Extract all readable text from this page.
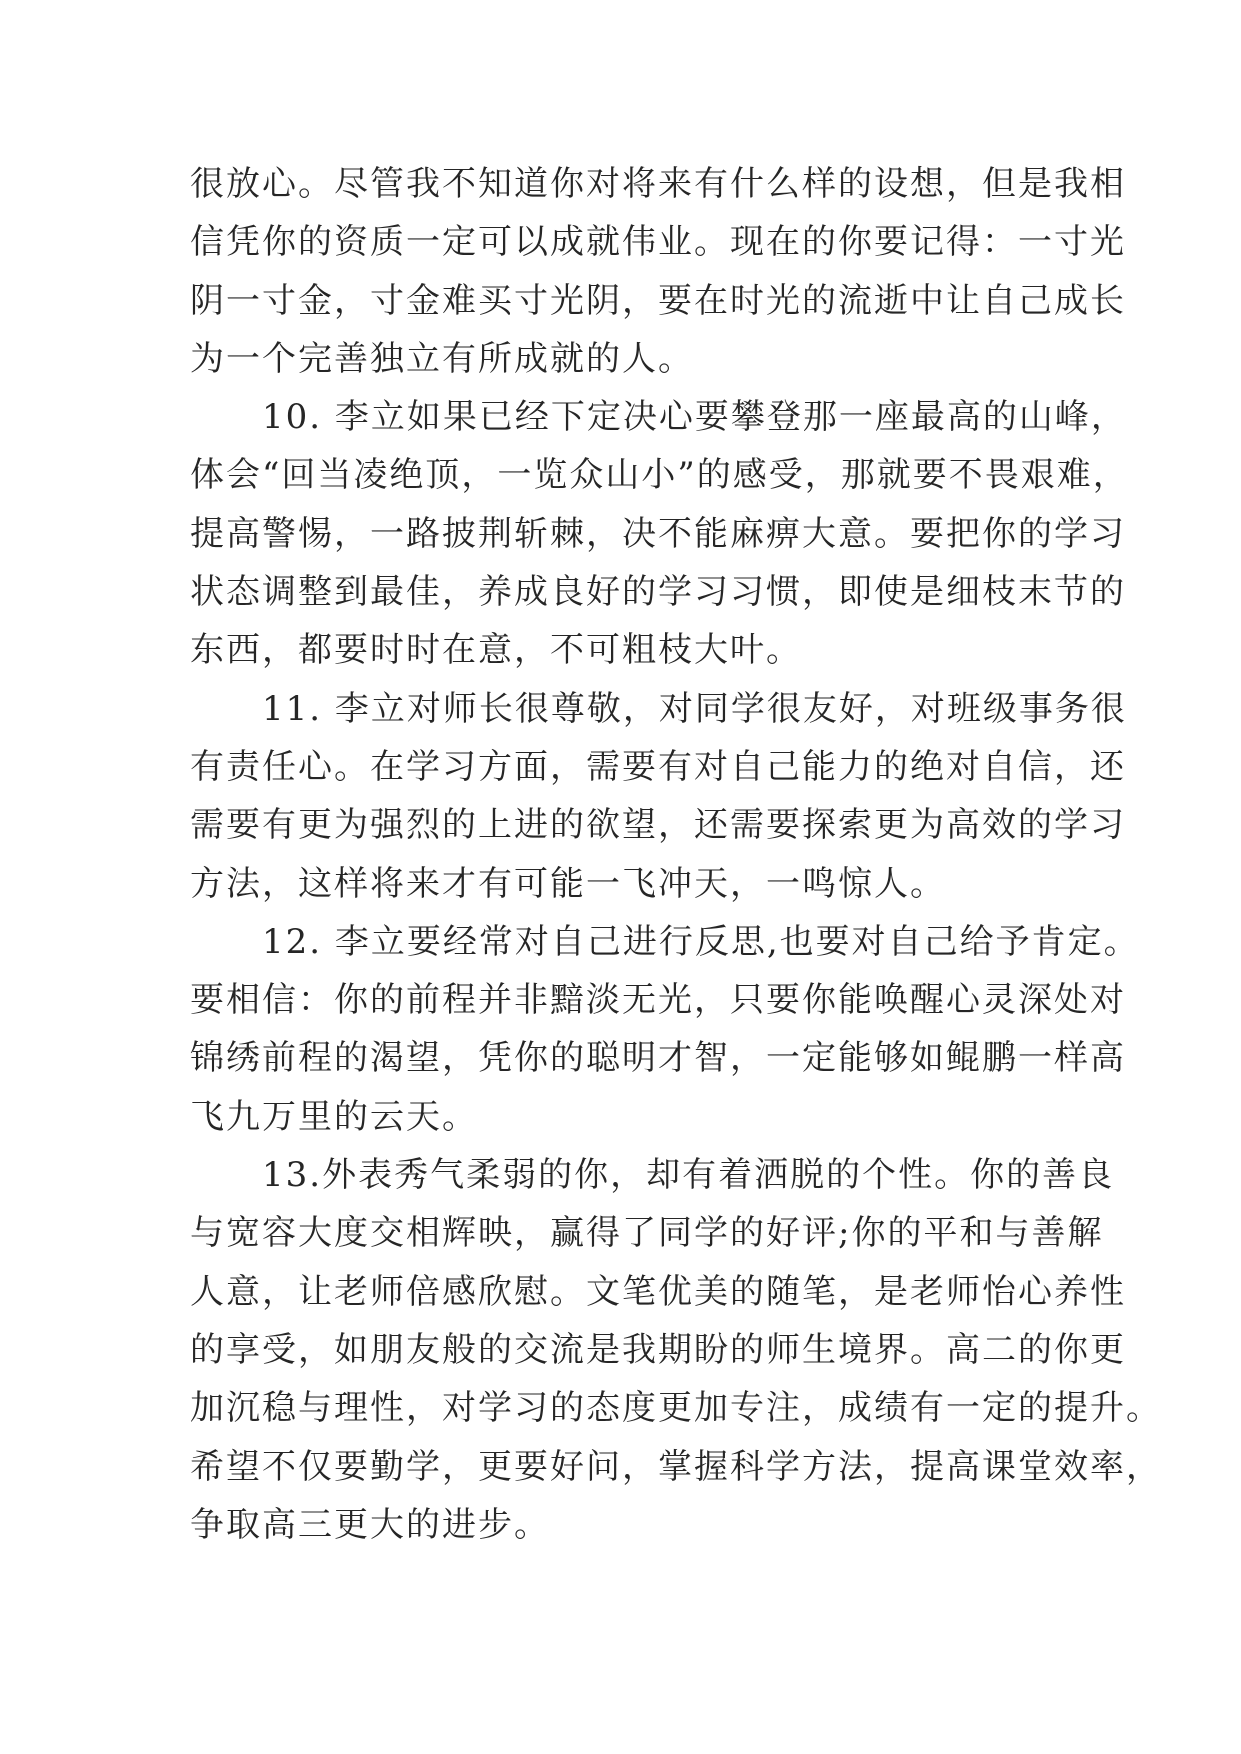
很放心。尽管我不知道你对将来有什么样的设想，但是我相
信凭你的资质一定可以成就伟业。现在的你要记得：一寸光
阴一寸金，寸金难买寸光阴，要在时光的流逝中让自己成长
为一个完善独立有所成就的人。

　　10. 李立如果已经下定决心要攀登那一座最高的山峰，
体会“回当凌绝顶，一览众山小”的感受，那就要不畏艰难，
提高警惕，一路披荆斩棘，决不能麻痹大意。要把你的学习
状态调整到最佳，养成良好的学习习惯，即使是细枝末节的
东西，都要时时在意，不可粗枝大叶。

　　11. 李立对师长很尊敬，对同学很友好，对班级事务很
有责任心。在学习方面，需要有对自己能力的绝对自信，还
需要有更为强烈的上进的欲望，还需要探索更为高效的学习
方法，这样将来才有可能一飞冲天，一鸣惊人。

　　12. 李立要经常对自己进行反思,也要对自己给予肯定。
要相信：你的前程并非黯淡无光，只要你能唤醒心灵深处对
锦绣前程的渴望，凭你的聪明才智，一定能够如鲲鹏一样高
飞九万里的云天。

　　13.外表秀气柔弱的你，却有着洒脱的个性。你的善良
与宽容大度交相辉映，赢得了同学的好评;你的平和与善解
人意，让老师倍感欣慰。文笔优美的随笔，是老师怡心养性
的享受，如朋友般的交流是我期盼的师生境界。高二的你更
加沉稳与理性，对学习的态度更加专注，成绩有一定的提升。
希望不仅要勤学，更要好问，掌握科学方法，提高课堂效率，
争取高三更大的进步。
